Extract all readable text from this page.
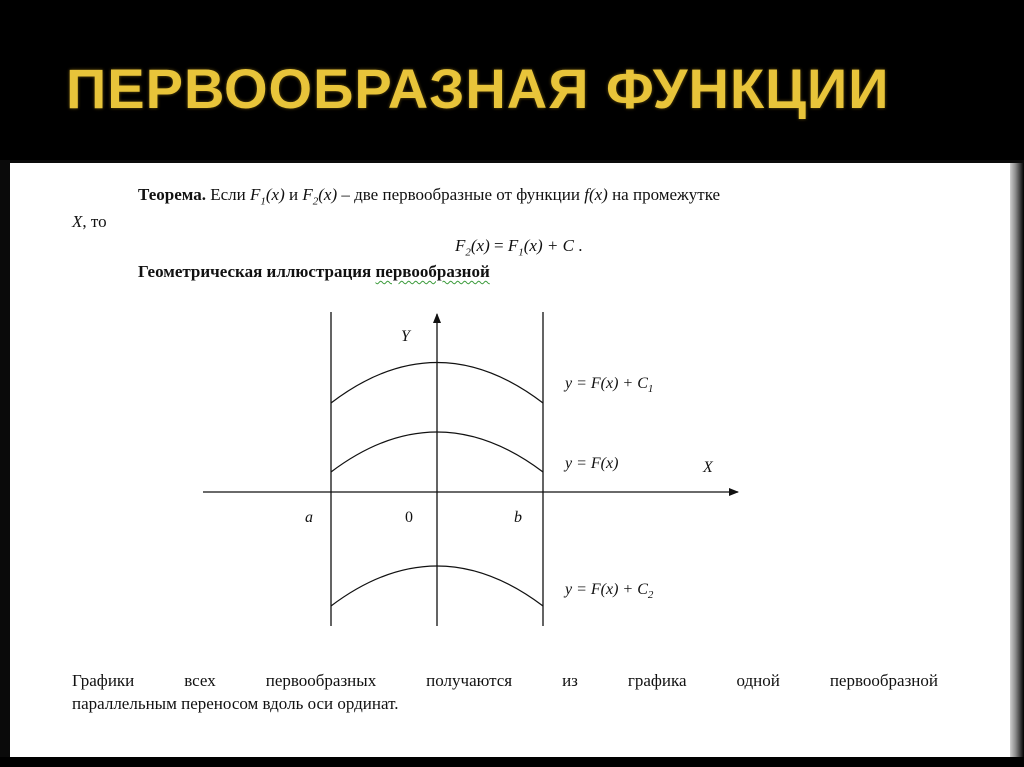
ПЕРВООБРАЗНАЯ ФУНКЦИИ
Теорема. Если $F_1(x)$ и $F_2(x)$ – две первообразные от функции f(x) на промежутке
X, то
$F_2(x) = F_1(x) + C$ .
Геометрическая иллюстрация первообразной
Y
X
a	0	b
$y = F(x) + C_1$
y = F(x)
$y = F(x) + C_2$
Графики всех первообразных получаются из графика одной первообразной
параллельным переносом вдоль оси ординат.
